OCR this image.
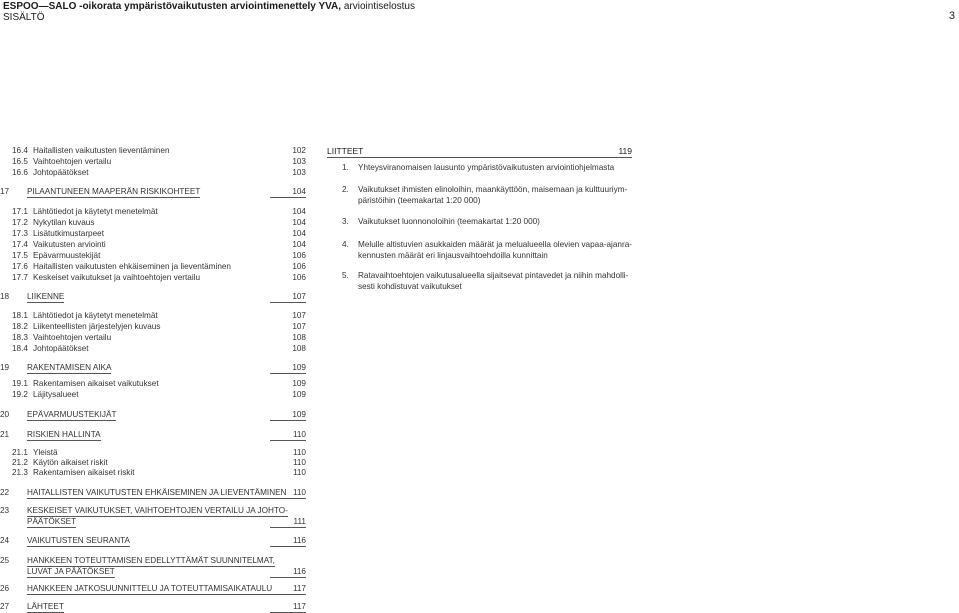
ESPOO—SALO -oikorata ympäristövaikutusten arviointimenettely YVA, arviointiselostus
SISÄLTÖ	3
16.4 Haitallisten vaikutusten lieventäminen	102
16.5 Vaihtoehtojen vertailu	103
16.6 Johtopäätökset	103
17 PILAANTUNEEN MAAPERÄN RISKIKOHTEET	104
17.1 Lähtötiedot ja käytetyt menetelmät	104
17.2 Nykytilan kuvaus	104
17.3 Lisätutkimustarpeet	104
17.4 Vaikutusten arviointi	104
17.5 Epävarmuustekijät	106
17.6 Haitallisten vaikutusten ehkäiseminen ja lieventäminen	106
17.7 Keskeiset vaikutukset ja vaihtoehtojen vertailu	106
18 LIIKENNE	107
18.1 Lähtötiedot ja käytetyt menetelmät	107
18.2 Liikenteellisten järjestelyjen kuvaus	107
18.3 Vaihtoehtojen vertailu	108
18.4 Johtopäätökset	108
19 RAKENTAMISEN AIKA	109
19.1 Rakentamisen aikaiset vaikutukset	109
19.2 Läjitysalueet	109
20 EPÄVARMUUSTEKIJÄT	109
21 RISKIEN HALLINTA	110
21.1 Yleistä	110
21.2 Käytön aikaiset riskit	110
21.3 Rakentamisen aikaiset riskit	110
22 HAITALLISTEN VAIKUTUSTEN EHKÄISEMINEN JA LIEVENTÄMINEN 110
23 KESKEISET VAIKUTUKSET, VAIHTOEHTOJEN VERTAILU JA JOHTO-
PÄÄTÖKSET	111
24 VAIKUTUSTEN SEURANTA	116
25 HANKKEEN TOTEUTTAMISEN EDELLYTTÄMÄT SUUNNITELMAT,
LUVAT JA PÄÄTÖKSET	116
26 HANKKEEN JATKOSUUNNITTELU JA TOTEUTTAMISAIKATAULU	117
27 LÄHTEET	117
LIITTEET	119
1. Yhteysviranomaisen lausunto ympäristövaikutusten arviointiohjelmasta
2. Vaikutukset ihmisten elinoloihin, maankäyttöön, maisemaan ja kulttuuriym-
päristöihin (teemakartat 1:20 000)
3. Vaikutukset luonnonoloihin (teemakartat 1:20 000)
4. Melulle altistuvien asukkaiden määrät ja melualueella olevien vapaa-ajanra-
kennusten määrät eri linjausvaihtoehdoilla kunnittain
5. Ratavaihtoehtojen vaikutusalueella sijaitsevat pintavedet ja niihin mahdolli-
sesti kohdistuvat vaikutukset
